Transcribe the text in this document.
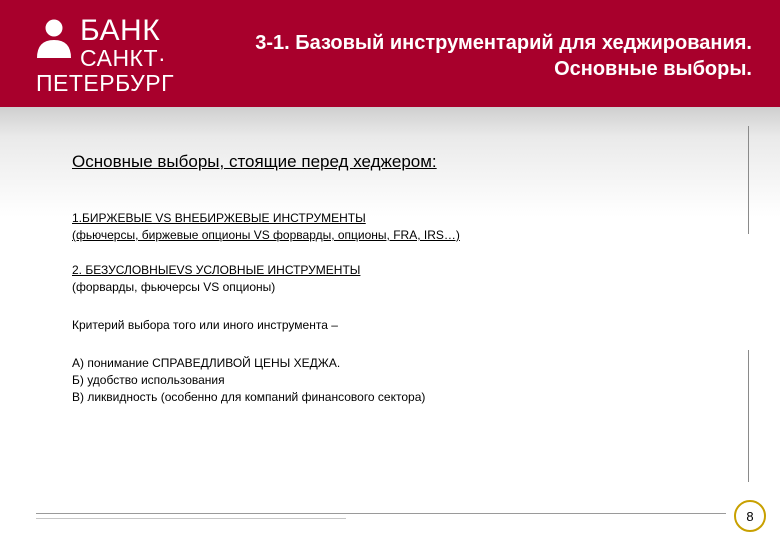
БАНК
САНКТ·
ПЕТЕРБУРГ
3-1. Базовый инструментарий для хеджирования.
Основные выборы.

Основные выборы, стоящие перед хеджером:

1.БИРЖЕВЫЕ VS ВНЕБИРЖЕВЫЕ ИНСТРУМЕНТЫ

(фьючерсы, биржевые опционы VS форварды, опционы, FRA, IRS…)

2. БЕЗУСЛОВНЫЕVS УСЛОВНЫЕ ИНСТРУМЕНТЫ

(форварды, фьючерсы VS опционы)

Критерий выбора того или иного инструмента –

А) понимание СПРАВЕДЛИВОЙ ЦЕНЫ ХЕДЖА.

Б) удобство использования

В) ликвидность (особенно для компаний финансового сектора)

8
